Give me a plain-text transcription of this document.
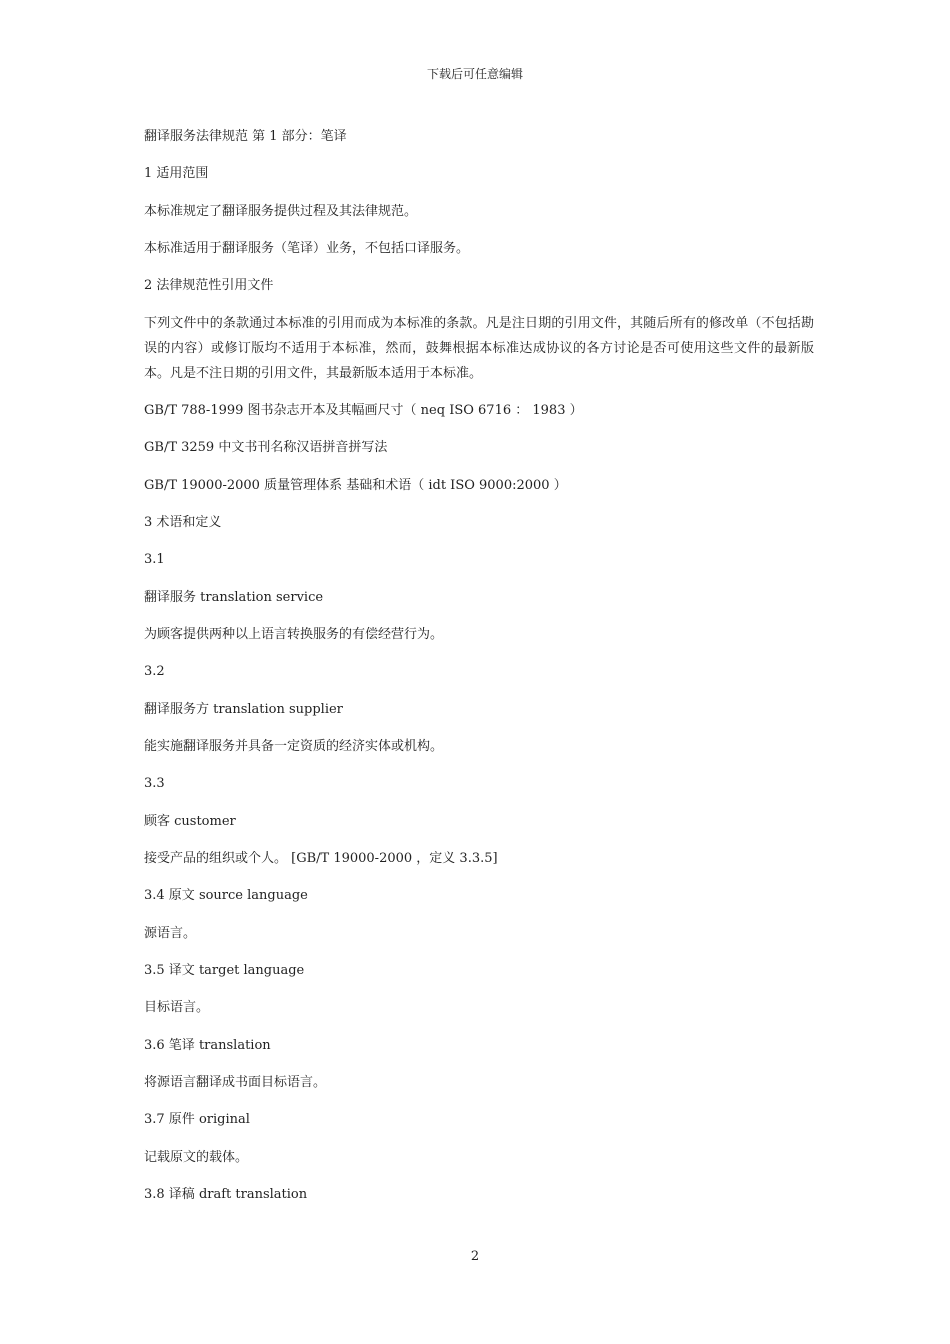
下载后可任意编辑
翻译服务法律规范 第 1 部分：笔译
1 适用范围
本标准规定了翻译服务提供过程及其法律规范。
本标准适用于翻译服务（笔译）业务，不包括口译服务。
2 法律规范性引用文件
下列文件中的条款通过本标准的引用而成为本标准的条款。凡是注日期的引用文件，其随后所有的修改单（不包括勘误的内容）或修订版均不适用于本标准，然而，鼓舞根据本标准达成协议的各方讨论是否可使用这些文件的最新版本。凡是不注日期的引用文件，其最新版本适用于本标准。
GB/T 788-1999 图书杂志开本及其幅画尺寸（ neq ISO 6716 ： 1983 ）
GB/T 3259 中文书刊名称汉语拼音拼写法
GB/T 19000-2000 质量管理体系 基础和术语（ idt ISO 9000:2000 ）
3 术语和定义
3.1
翻译服务 translation service
为顾客提供两种以上语言转换服务的有偿经营行为。
3.2
翻译服务方 translation supplier
能实施翻译服务并具备一定资质的经济实体或机构。
3.3
顾客 customer
接受产品的组织或个人。 [GB/T 19000-2000 ，定义 3.3.5]
3.4 原文 source language
源语言。
3.5 译文 target language
目标语言。
3.6 笔译 translation
将源语言翻译成书面目标语言。
3.7 原件 original
记载原文的载体。
3.8 译稿 draft translation
2
